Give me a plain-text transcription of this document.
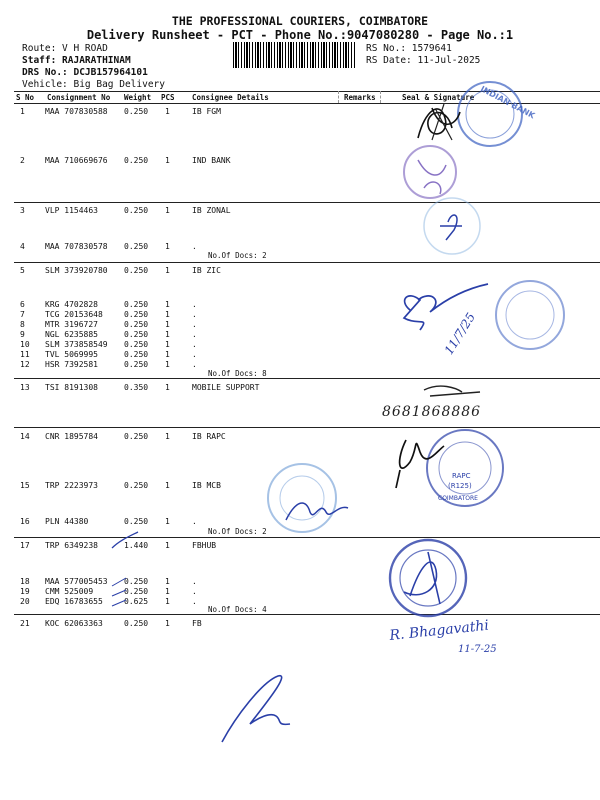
THE PROFESSIONAL COURIERS, COIMBATORE
Delivery Runsheet - PCT - Phone No.:9047080280 - Page No.:1
Route: V H ROAD
Staff: RAJARATHINAM
DRS No.: DCJB157964101
Vehicle: Big Bag Delivery
RS No.: 1579641
RS Date: 11-Jul-2025
S No Consignment No Weight PCS Consignee Details	Remarks	Seal & Signature
1	MAA 707830588 0.250 1	IB FGM
2	MAA 710669676 0.250 1	IND BANK
3	VLP 1154463	0.250 1	IB ZONAL
4	MAA 707830578 0.250 1	.
No.Of Docs: 2
5	SLM 373920780 0.250 1	IB ZIC
6	KRG 4702828	0.250 1	.
7	TCG 20153648	0.250 1	.
8	MTR 3196727	0.250 1	.
9	NGL 6235885	0.250 1	.
10 SLM 373858549 0.250 1	.
11 TVL 5069995	0.250 1	.
12 HSR 7392581	0.250 1	.
No.Of Docs: 8
13 TSI 8191308	0.350 1	MOBILE SUPPORT
14 CNR 1895784	0.250 1	IB RAPC
15 TRP 2223973	0.250 1	IB MCB
16 PLN 44380	0.250 1	.
No.Of Docs: 2
17 TRP 6349238	1.440 1	FBHUB
18 MAA 577005453 0.250 1	.
19 CMM 525009	0.250 1	.
20 EDQ 16783655	0.625 1	.
No.Of Docs: 4
21 KOC 62063363	0.250 1	FB
INDIAN BANK
11/7/25
8681868886
RAPC
(R125)
COIMBATORE
R. Bhagavathi
11-7-25
